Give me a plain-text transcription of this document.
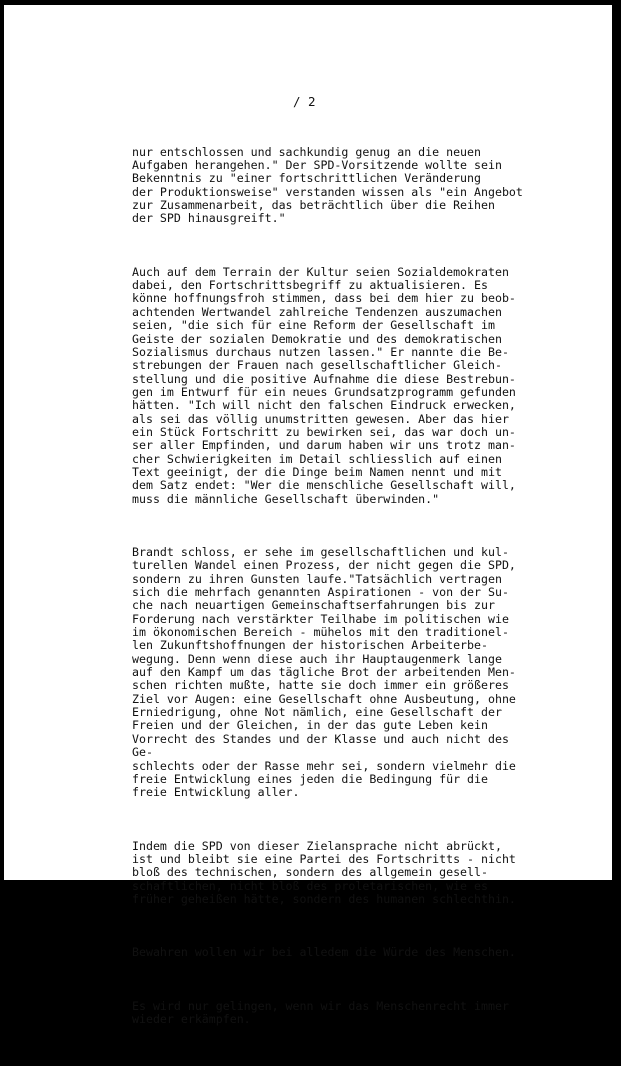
/ 2

nur entschlossen und sachkundig genug an die neuen
Aufgaben herangehen." Der SPD-Vorsitzende wollte sein
Bekenntnis zu "einer fortschrittlichen Veränderung
der Produktionsweise" verstanden wissen als "ein Angebot
zur Zusammenarbeit, das beträchtlich über die Reihen
der SPD hinausgreift."

Auch auf dem Terrain der Kultur seien Sozialdemokraten
dabei, den Fortschrittsbegriff zu aktualisieren. Es
könne hoffnungsfroh stimmen, dass bei dem hier zu beob-
achtenden Wertwandel zahlreiche Tendenzen auszumachen
seien, "die sich für eine Reform der Gesellschaft im
Geiste der sozialen Demokratie und des demokratischen
Sozialismus durchaus nutzen lassen." Er nannte die Be-
strebungen der Frauen nach gesellschaftlicher Gleich-
stellung und die positive Aufnahme die diese Bestrebun-
gen im Entwurf für ein neues Grundsatzprogramm gefunden
hätten. "Ich will nicht den falschen Eindruck erwecken,
als sei das völlig unumstritten gewesen. Aber das hier
ein Stück Fortschritt zu bewirken sei, das war doch un-
ser aller Empfinden, und darum haben wir uns trotz man-
cher Schwierigkeiten im Detail schliesslich auf einen
Text geeinigt, der die Dinge beim Namen nennt und mit
dem Satz endet: "Wer die menschliche Gesellschaft will,
muss die männliche Gesellschaft überwinden."

Brandt schloss, er sehe im gesellschaftlichen und kul-
turellen Wandel einen Prozess, der nicht gegen die SPD,
sondern zu ihren Gunsten laufe."Tatsächlich vertragen
sich die mehrfach genannten Aspirationen - von der Su-
che nach neuartigen Gemeinschaftserfahrungen bis zur
Forderung nach verstärkter Teilhabe im politischen wie
im ökonomischen Bereich - mühelos mit den traditionel-
len Zukunftshoffnungen der historischen Arbeiterbe-
wegung. Denn wenn diese auch ihr Hauptaugenmerk lange
auf den Kampf um das tägliche Brot der arbeitenden Men-
schen richten mußte, hatte sie doch immer ein größeres
Ziel vor Augen: eine Gesellschaft ohne Ausbeutung, ohne
Erniedrigung, ohne Not nämlich, eine Gesellschaft der
Freien und der Gleichen, in der das gute Leben kein
Vorrecht des Standes und der Klasse und auch nicht des
Ge-
schlechts oder der Rasse mehr sei, sondern vielmehr die
freie Entwicklung eines jeden die Bedingung für die
freie Entwicklung aller.

Indem die SPD von dieser Zielansprache nicht abrückt,
ist und bleibt sie eine Partei des Fortschritts - nicht
bloß des technischen, sondern des allgemein gesell-
schaftlichen, nicht bloß des proletarischen, wie es
früher geheißen hätte, sondern des humanen schlechthin.

Bewahren wollen wir bei alledem die Würde des Menschen.

Es wird nur gelingen, wenn wir das Menschenrecht immer
wieder erkämpfen.
